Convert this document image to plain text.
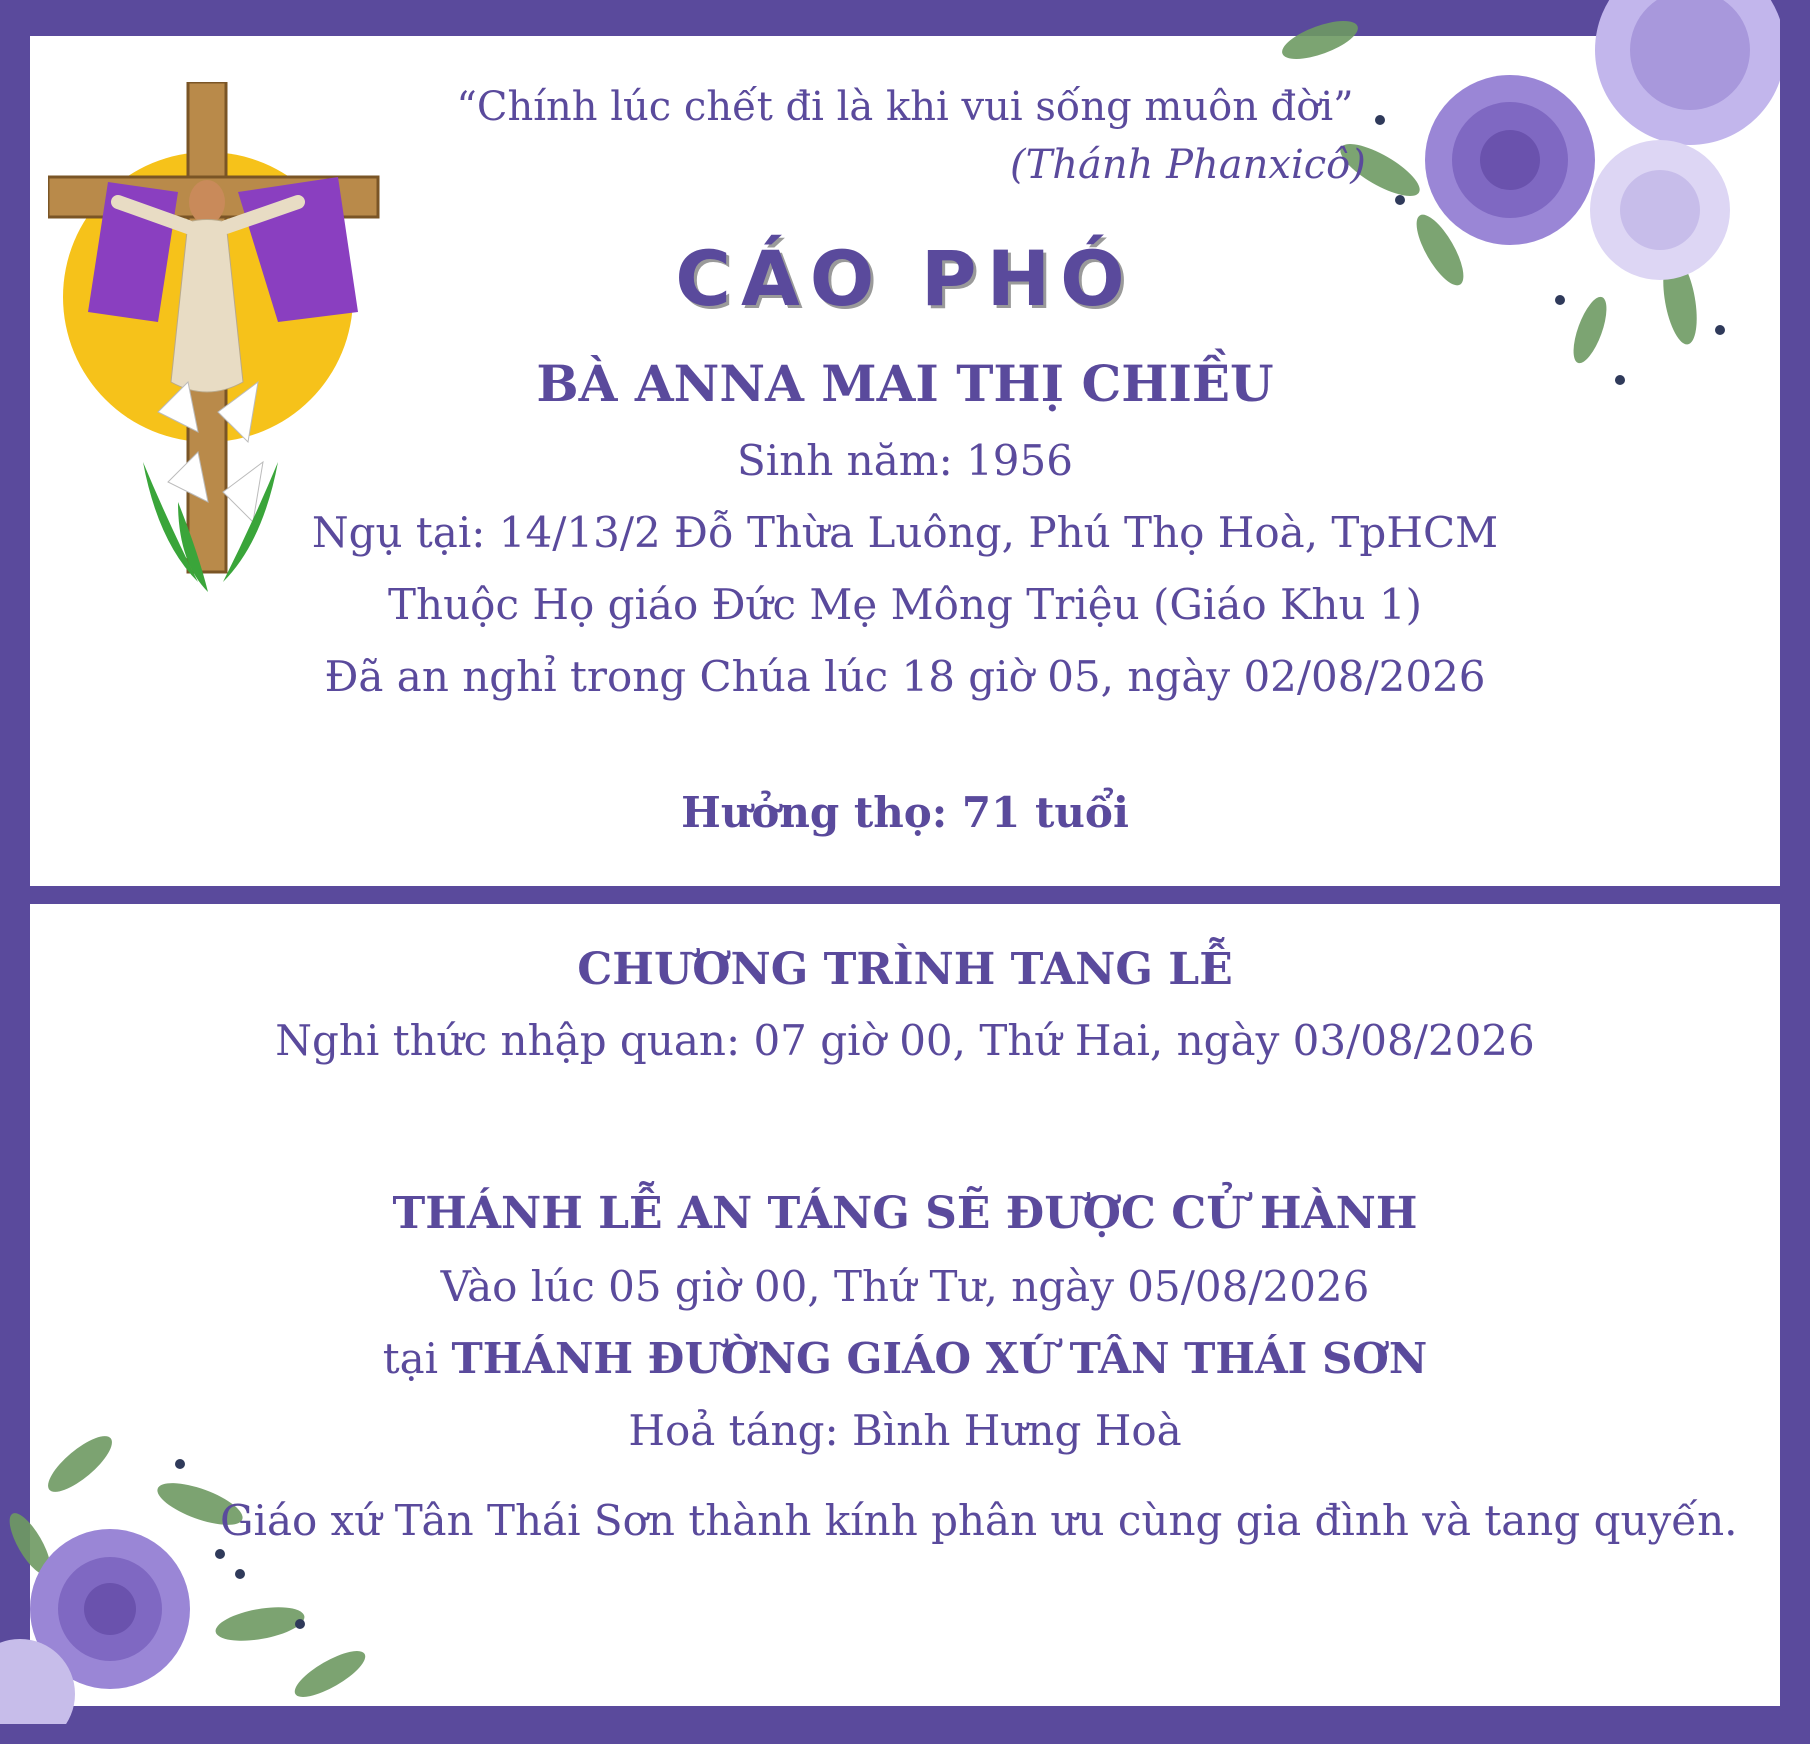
“Chính lúc chết đi là khi vui sống muôn đời”
(Thánh Phanxicô)
CÁO PHÓ
BÀ ANNA MAI THỊ CHIỀU
Sinh năm: 1956
Ngụ tại: 14/13/2 Đỗ Thừa Luông, Phú Thọ Hoà, TpHCM
Thuộc Họ giáo Đức Mẹ Mông Triệu (Giáo Khu 1)
Đã an nghỉ trong Chúa lúc 18 giờ 05, ngày 02/08/2026
Hưởng thọ: 71 tuổi
CHƯƠNG TRÌNH TANG LỄ
Nghi thức nhập quan: 07 giờ 00, Thứ Hai, ngày 03/08/2026
THÁNH LỄ AN TÁNG SẼ ĐƯỢC CỬ HÀNH
Vào lúc 05 giờ 00, Thứ Tư, ngày 05/08/2026
tại THÁNH ĐƯỜNG GIÁO XỨ TÂN THÁI SƠN
Hoả táng: Bình Hưng Hoà
Giáo xứ Tân Thái Sơn thành kính phân ưu cùng gia đình và tang quyến.
